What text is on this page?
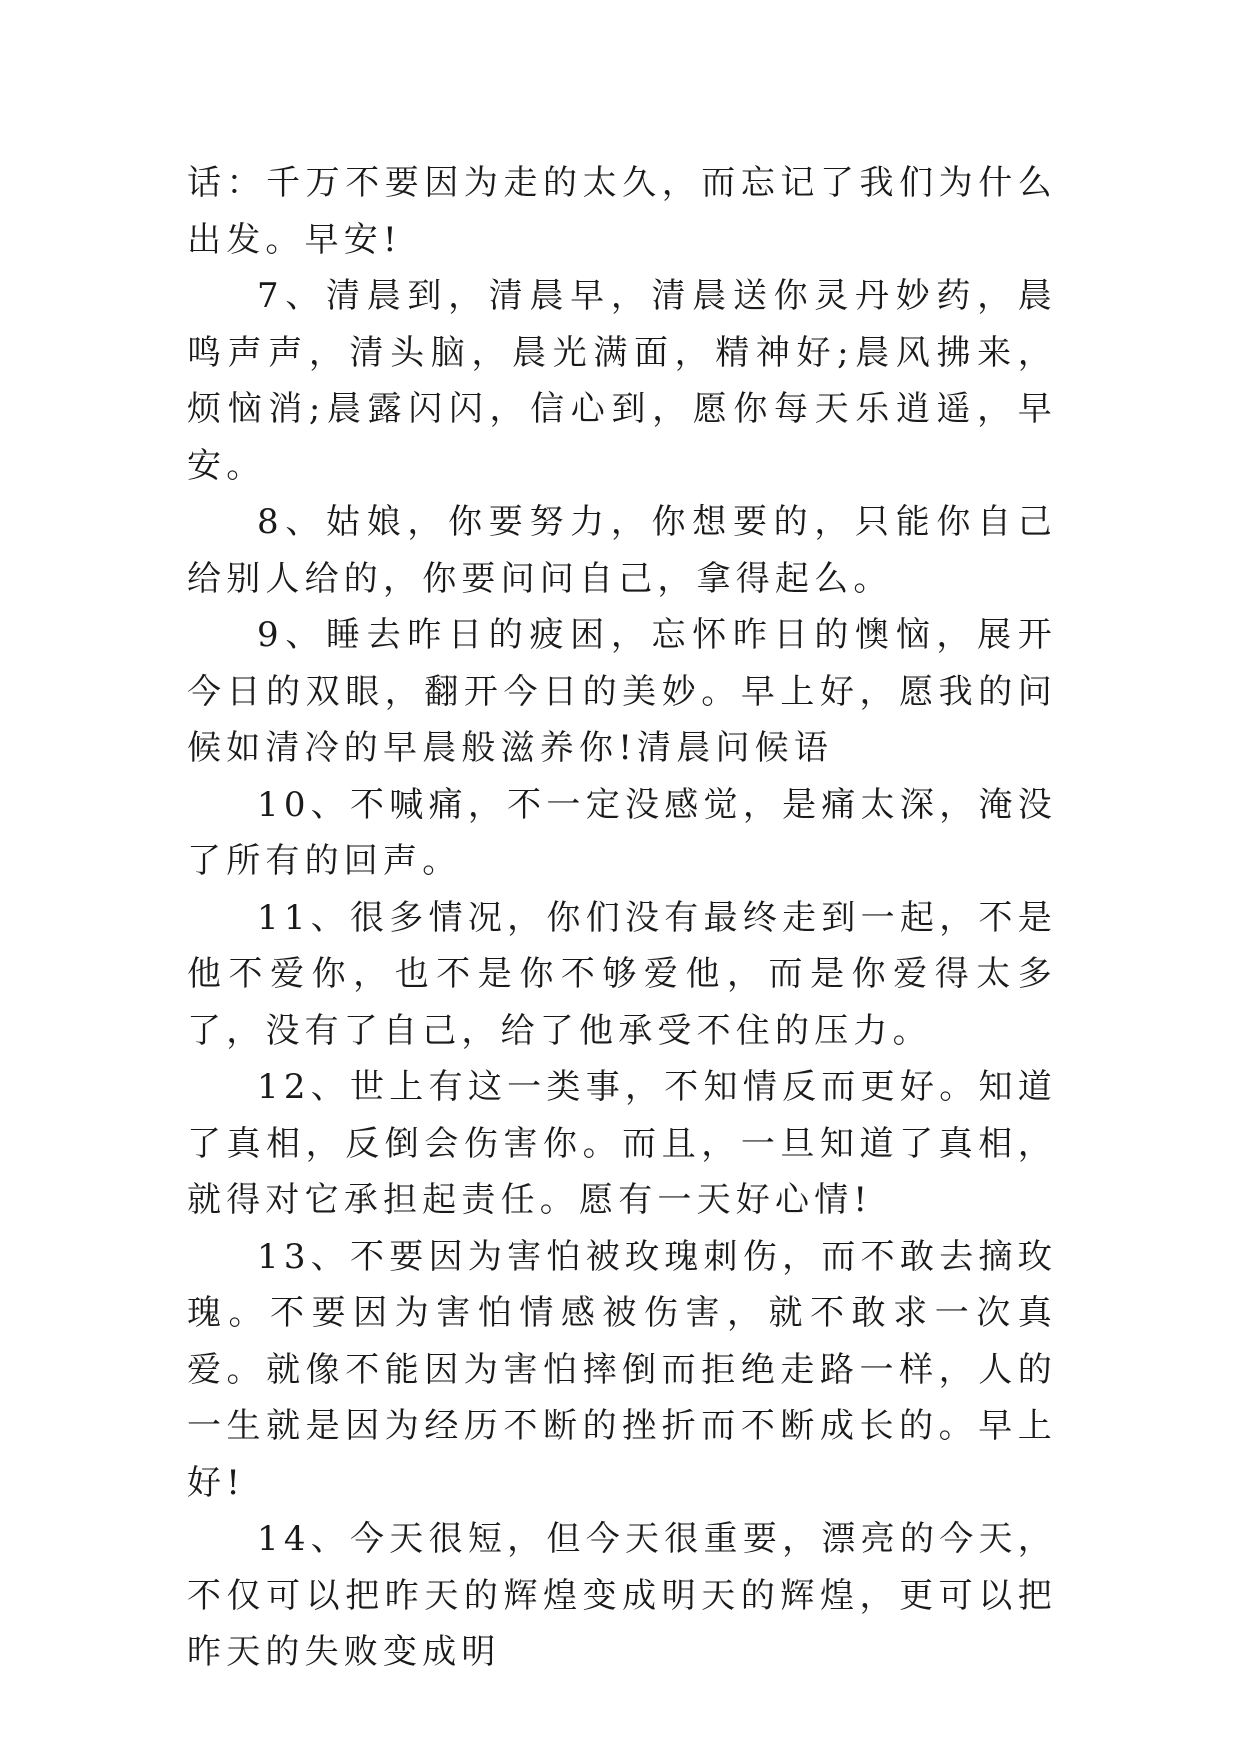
话：千万不要因为走的太久，而忘记了我们为什么出发。早安!

7、清晨到，清晨早，清晨送你灵丹妙药，晨鸣声声，清头脑，晨光满面，精神好;晨风拂来，烦恼消;晨露闪闪，信心到，愿你每天乐逍遥，早安。

8、姑娘，你要努力，你想要的，只能你自己给别人给的，你要问问自己，拿得起么。

9、睡去昨日的疲困，忘怀昨日的懊恼，展开今日的双眼，翻开今日的美妙。早上好，愿我的问候如清冷的早晨般滋养你!清晨问候语

10、不喊痛，不一定没感觉，是痛太深，淹没了所有的回声。

11、很多情况，你们没有最终走到一起，不是他不爱你，也不是你不够爱他，而是你爱得太多了，没有了自己，给了他承受不住的压力。

12、世上有这一类事，不知情反而更好。知道了真相，反倒会伤害你。而且，一旦知道了真相，就得对它承担起责任。愿有一天好心情!

13、不要因为害怕被玫瑰刺伤，而不敢去摘玫瑰。不要因为害怕情感被伤害，就不敢求一次真爱。就像不能因为害怕摔倒而拒绝走路一样，人的一生就是因为经历不断的挫折而不断成长的。早上好!

14、今天很短，但今天很重要，漂亮的今天，不仅可以把昨天的辉煌变成明天的辉煌，更可以把昨天的失败变成明
